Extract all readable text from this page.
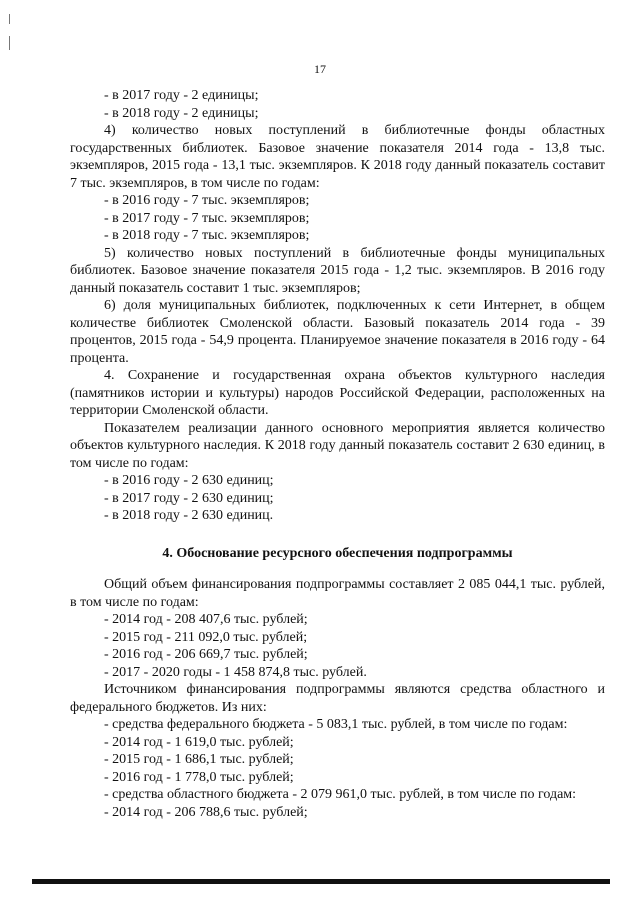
17

- в 2017 году - 2 единицы;

- в 2018 году - 2 единицы;

4) количество новых поступлений в библиотечные фонды областных государственных библиотек. Базовое значение показателя 2014 года - 13,8 тыс. экземпляров, 2015 года - 13,1 тыс. экземпляров. К 2018 году данный показатель составит 7 тыс. экземпляров, в том числе по годам:

- в 2016 году - 7 тыс. экземпляров;

- в 2017 году - 7 тыс. экземпляров;

- в 2018 году - 7 тыс. экземпляров;

5) количество новых поступлений в библиотечные фонды муниципальных библиотек. Базовое значение показателя 2015 года - 1,2 тыс. экземпляров. В 2016 году данный показатель составит 1 тыс. экземпляров;

6) доля муниципальных библиотек, подключенных к сети Интернет, в общем количестве библиотек Смоленской области. Базовый показатель 2014 года - 39 процентов, 2015 года - 54,9 процента. Планируемое значение показателя в 2016 году - 64 процента.

4. Сохранение и государственная охрана объектов культурного наследия (памятников истории и культуры) народов Российской Федерации, расположенных на территории Смоленской области.

Показателем реализации данного основного мероприятия является количество объектов культурного наследия. К 2018 году данный показатель составит 2 630 единиц, в том числе по годам:

- в 2016 году - 2 630 единиц;

- в 2017 году - 2 630 единиц;

- в 2018 году - 2 630 единиц.

4. Обоснование ресурсного обеспечения подпрограммы

Общий объем финансирования подпрограммы составляет 2 085 044,1 тыс. рублей, в том числе по годам:

- 2014 год - 208 407,6 тыс. рублей;

- 2015 год - 211 092,0 тыс. рублей;

- 2016 год - 206 669,7 тыс. рублей;

- 2017 - 2020 годы - 1 458 874,8 тыс. рублей.

Источником финансирования подпрограммы являются средства областного и федерального бюджетов. Из них:

- средства федерального бюджета - 5 083,1 тыс. рублей, в том числе по годам:

- 2014 год - 1 619,0 тыс. рублей;

- 2015 год - 1 686,1 тыс. рублей;

- 2016 год - 1 778,0 тыс. рублей;

- средства областного бюджета - 2 079 961,0 тыс. рублей, в том числе по годам:

- 2014 год - 206 788,6 тыс. рублей;
